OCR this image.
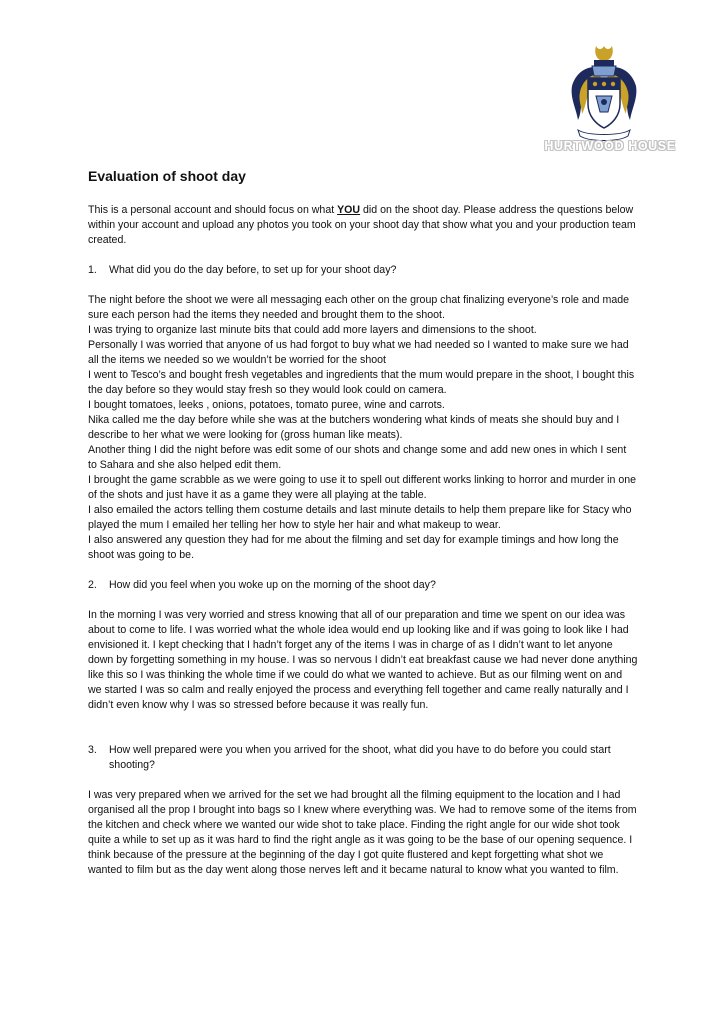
HURTWOOD HOUSE
Evaluation of shoot day

This is a personal account and should focus on what YOU did on the shoot day. Please address the questions below within your account and upload any photos you took on your shoot day that show what you and your production team created.

1. What did you do the day before, to set up for your shoot day?
The night before the shoot we were all messaging each other on the group chat finalizing everyone’s role and made sure each person had the items they needed and brought them to the shoot.
I was trying to organize last minute bits that could add more layers and dimensions to the shoot.
Personally I was worried that anyone of us had forgot to buy what we had needed so I wanted to make sure we had all the items we needed so we wouldn’t be worried for the shoot
I went to Tesco’s and bought fresh vegetables and ingredients that the mum would prepare in the shoot, I bought this the day before so they would stay fresh so they would look could on camera.
I bought tomatoes, leeks , onions, potatoes, tomato puree, wine and carrots.
Nika called me the day before while she was at the butchers wondering what kinds of meats she should buy and I describe to her what we were looking for (gross human like meats).
Another thing I did the night before was edit some of our shots and change some and add new ones in which I sent to Sahara and she also helped edit them.
I brought the game scrabble as we were going to use it to spell out different works linking to horror and murder in one of the shots and just have it as a game they were all playing at the table.
I also emailed the actors telling them costume details and last minute details to help them prepare like for Stacy who played the mum I emailed her telling her how to style her hair and what makeup to wear.
I also answered any question they had for me about the filming and set day for example timings and how long the shoot was going to be.
2. How did you feel when you woke up on the morning of the shoot day?

In the morning I was very worried and stress knowing that all of our preparation and time we spent on our idea was about to come to life. I was worried what the whole idea would end up looking like and if was going to look like I had envisioned it. I kept checking that I hadn’t forget any of the items I was in charge of as I didn’t want to let anyone down by forgetting something in my house. I was so nervous I didn’t eat breakfast cause we had never done anything like this so I was thinking the whole time if we could do what we wanted to achieve. But as our filming went on and we started I was so calm and really enjoyed the process and everything fell together and came really naturally and I didn’t even know why I was so stressed before because it was really fun.

3. How well prepared were you when you arrived for the shoot, what did you have to do before you could start shooting?

I was very prepared when we arrived for the set we had brought all the filming equipment to the location and I had organised all the prop I brought into bags so I knew where everything was. We had to remove some of the items from the kitchen and check where we wanted our wide shot to take place. Finding the right angle for our wide shot took quite a while to set up as it was hard to find the right angle as it was going to be the base of our opening sequence. I think because of the pressure at the beginning of the day I got quite flustered and kept forgetting what shot we wanted to film but as the day went along those nerves left and it became natural to know what you wanted to film.
